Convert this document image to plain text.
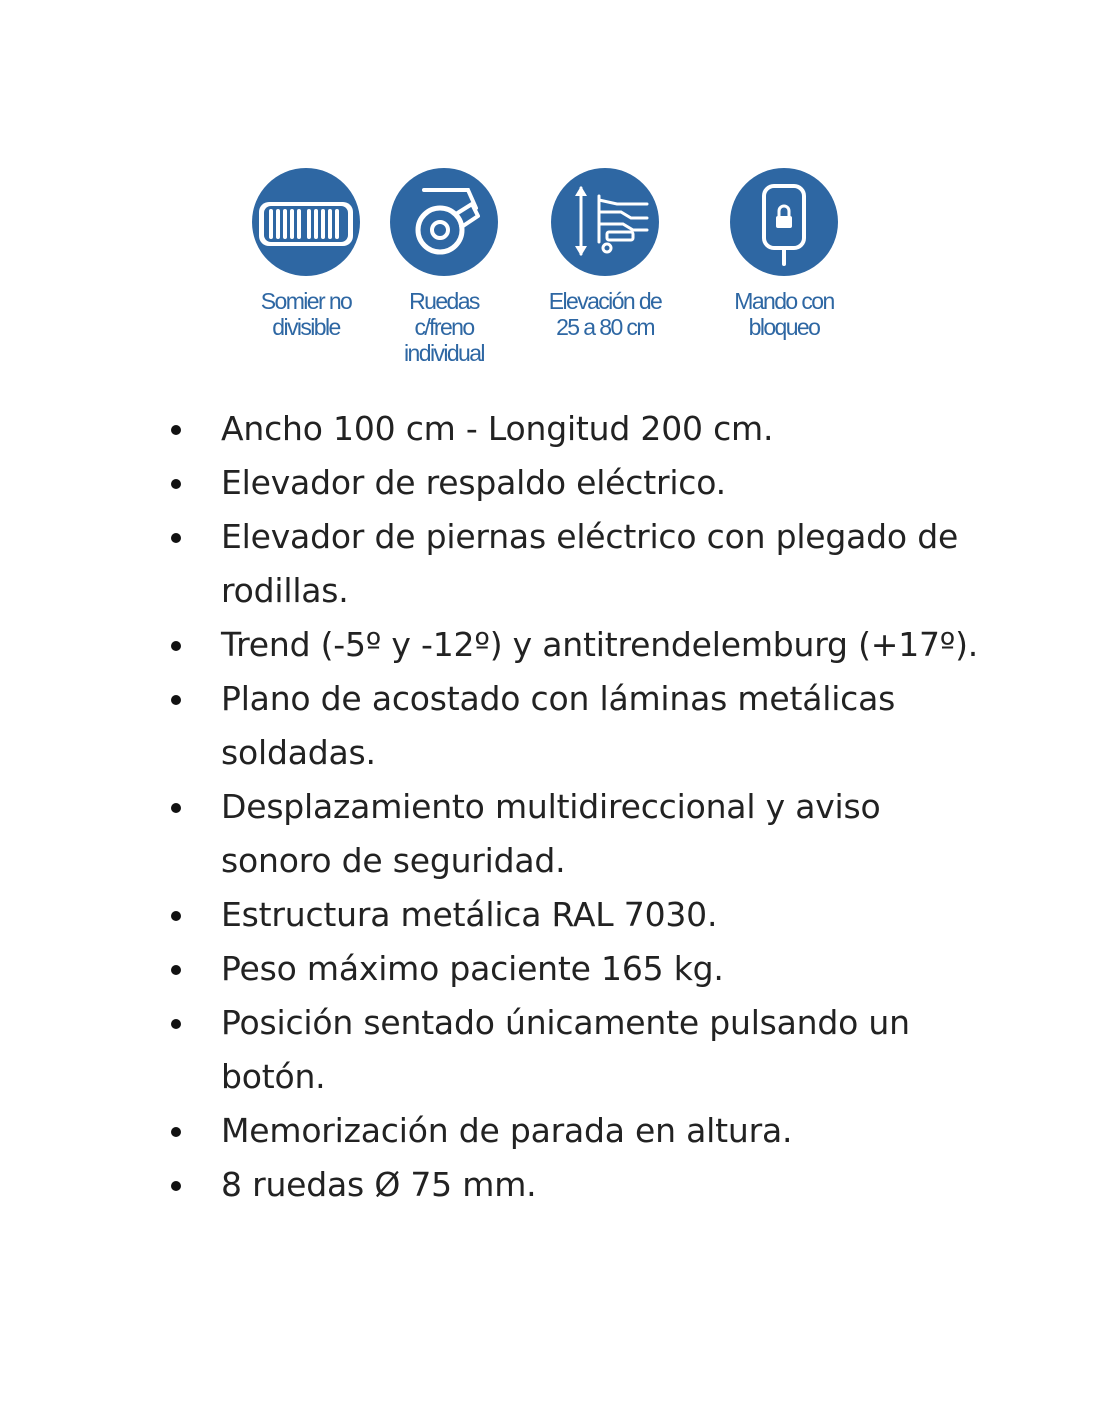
Somier no
divisible
Ruedas
c/freno
individual
Elevación de
25 a 80 cm
Mando con
bloqueo
Ancho 100 cm - Longitud 200 cm.
Elevador de respaldo eléctrico.
Elevador de piernas eléctrico con plegado de rodillas.
Trend (-5º y -12º) y antitrendelemburg (+17º).
Plano de acostado con láminas metálicas soldadas.
Desplazamiento multidireccional y aviso sonoro de seguridad.
Estructura metálica RAL 7030.
Peso máximo paciente 165 kg.
Posición sentado únicamente pulsando un botón.
Memorización de parada en altura.
8 ruedas Ø 75 mm.
